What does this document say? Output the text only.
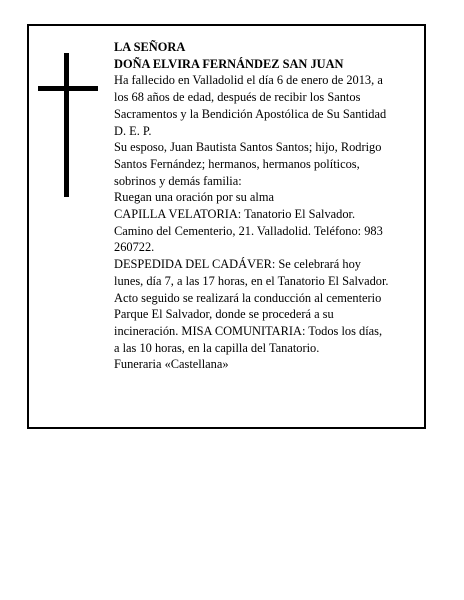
LA SEÑORA
DOÑA ELVIRA FERNÁNDEZ SAN JUAN
Ha fallecido en Valladolid el día 6 de enero de 2013, a
los 68 años de edad, después de recibir los Santos
Sacramentos y la Bendición Apostólica de Su Santidad
D. E. P.
Su esposo, Juan Bautista Santos Santos; hijo, Rodrigo
Santos Fernández; hermanos, hermanos políticos,
sobrinos y demás familia:
Ruegan una oración por su alma
CAPILLA VELATORIA: Tanatorio El Salvador.
Camino del Cementerio, 21. Valladolid. Teléfono: 983
260722.
DESPEDIDA DEL CADÁVER: Se celebrará hoy
lunes, día 7, a las 17 horas, en el Tanatorio El Salvador.
Acto seguido se realizará la conducción al cementerio
Parque El Salvador, donde se procederá a su
incineración. MISA COMUNITARIA: Todos los días,
a las 10 horas, en la capilla del Tanatorio.
Funeraria «Castellana»
